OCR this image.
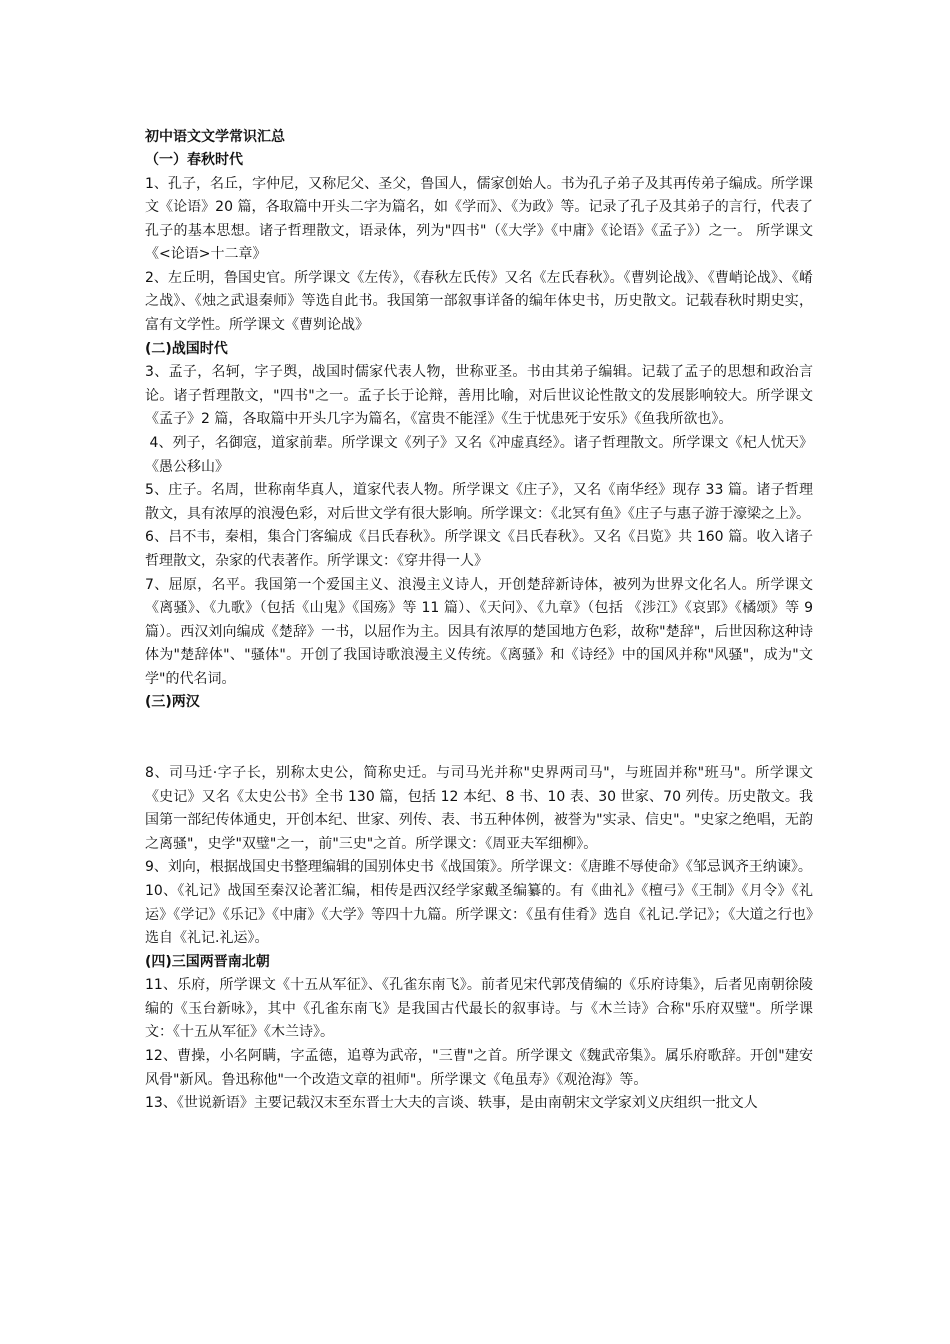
初中语文文学常识汇总
（一）春秋时代

1、孔子，名丘，字仲尼，又称尼父、圣父，鲁国人，儒家创始人。书为孔子弟子及其再传弟子编成。所学课文《论语》20 篇，各取篇中开头二字为篇名，如《学而》、《为政》等。记录了孔子及其弟子的言行，代表了孔子的基本思想。诸子哲理散文，语录体，列为"四书"（《大学》《中庸》《论语》《孟子》）之一。 所学课文《<论语>十二章》

2、左丘明，鲁国史官。所学课文《左传》，《春秋左氏传》又名《左氏春秋》。《曹刿论战》、《曹峭论战》、《崤之战》、《烛之武退秦师》等选自此书。我国第一部叙事详备的编年体史书，历史散文。记载春秋时期史实，富有文学性。所学课文《曹刿论战》

(二)战国时代

3、孟子，名轲，字子舆，战国时儒家代表人物，世称亚圣。书由其弟子编辑。记载了孟子的思想和政治言论。诸子哲理散文，"四书"之一。孟子长于论辩，善用比喻，对后世议论性散文的发展影响较大。所学课文《孟子》2 篇，各取篇中开头几字为篇名，《富贵不能淫》《生于忧患死于安乐》《鱼我所欲也》。

4、列子，名御寇，道家前辈。所学课文《列子》又名《冲虚真经》。诸子哲理散文。所学课文《杞人忧天》《愚公移山》

5、庄子。名周，世称南华真人，道家代表人物。所学课文《庄子》，又名《南华经》现存 33 篇。诸子哲理散文，具有浓厚的浪漫色彩，对后世文学有很大影响。所学课文：《北冥有鱼》《庄子与惠子游于濠梁之上》。

6、吕不韦，秦相，集合门客编成《吕氏春秋》。所学课文《吕氏春秋》。又名《吕览》共 160 篇。收入诸子哲理散文，杂家的代表著作。所学课文：《穿井得一人》

7、屈原，名平。我国第一个爱国主义、浪漫主义诗人，开创楚辞新诗体，被列为世界文化名人。所学课文《离骚》、《九歌》（包括《山鬼》《国殇》等 11 篇）、《天问》、《九章》（包括 《涉江》《哀郢》《橘颂》等 9 篇）。西汉刘向编成《楚辞》一书，以屈作为主。因具有浓厚的楚国地方色彩，故称"楚辞"，后世因称这种诗体为"楚辞体"、"骚体"。开创了我国诗歌浪漫主义传统。《离骚》和《诗经》中的国风并称"风骚"，成为"文学"的代名词。

(三)两汉

8、司马迁·字子长，别称太史公，简称史迁。与司马光并称"史界两司马"，与班固并称"班马"。所学课文《史记》又名《太史公书》全书 130 篇，包括 12 本纪、8 书、10 表、30 世家、70 列传。历史散文。我国第一部纪传体通史，开创本纪、世家、列传、表、书五种体例，被誉为"实录、信史"。"史家之绝唱，无韵之离骚"，史学"双璧"之一，前"三史"之首。所学课文：《周亚夫军细柳》。

9、刘向，根据战国史书整理编辑的国别体史书《战国策》。所学课文：《唐雎不辱使命》《邹忌讽齐王纳谏》。

10、《礼记》战国至秦汉论著汇编，相传是西汉经学家戴圣编纂的。有《曲礼》《檀弓》《王制》《月令》《礼运》《学记》《乐记》《中庸》《大学》等四十九篇。所学课文：《虽有佳肴》选自《礼记.学记》；《大道之行也》选自《礼记.礼运》。

(四)三国两晋南北朝

11、乐府，所学课文《十五从军征》、《孔雀东南飞》。前者见宋代郭茂倩编的《乐府诗集》，后者见南朝徐陵编的《玉台新咏》，其中《孔雀东南飞》是我国古代最长的叙事诗。与《木兰诗》合称"乐府双璧"。所学课文：《十五从军征》《木兰诗》。

12、曹操，小名阿瞒，字孟德，追尊为武帝，"三曹"之首。所学课文《魏武帝集》。属乐府歌辞。开创"建安风骨"新风。鲁迅称他"一个改造文章的祖师"。所学课文《龟虽寿》《观沧海》等。

13、《世说新语》主要记载汉末至东晋士大夫的言谈、轶事，是由南朝宋文学家刘义庆组织一批文人
